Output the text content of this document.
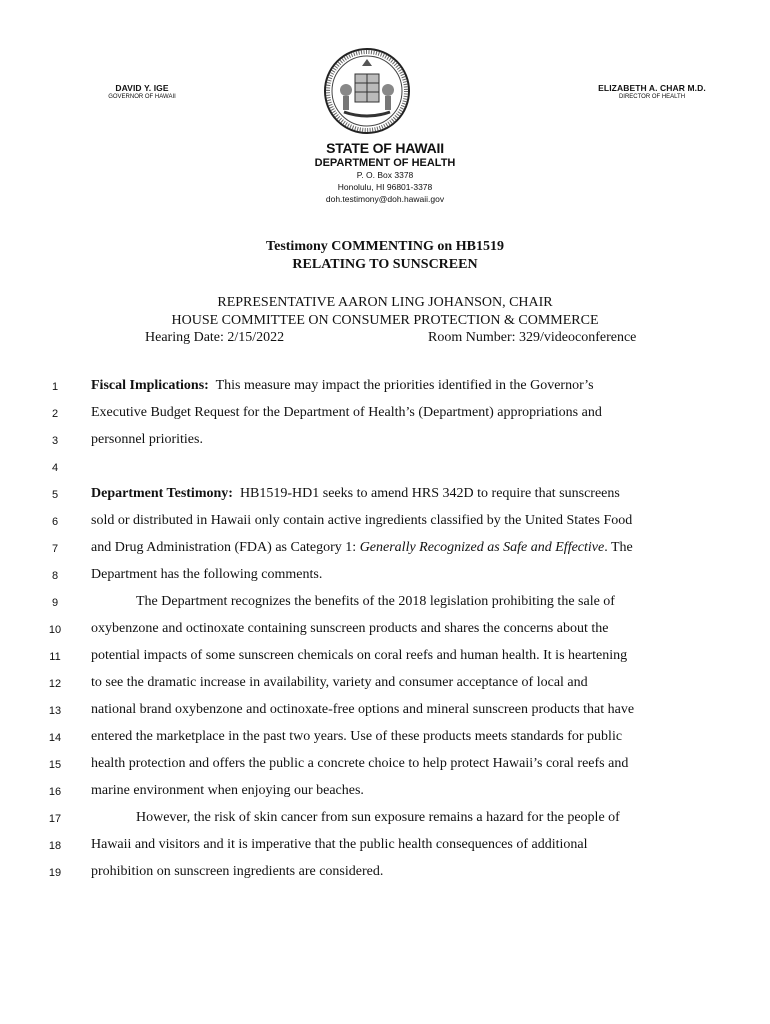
DAVID Y. IGE
GOVERNOR OF HAWAII
ELIZABETH A. CHAR M.D.
DIRECTOR OF HEALTH
STATE OF HAWAII
DEPARTMENT OF HEALTH
P. O. Box 3378
Honolulu, HI 96801-3378
doh.testimony@doh.hawaii.gov
Testimony COMMENTING on HB1519
RELATING TO SUNSCREEN
REPRESENTATIVE AARON LING JOHANSON, CHAIR
HOUSE COMMITTEE ON CONSUMER PROTECTION & COMMERCE
Hearing Date: 2/15/2022	Room Number: 329/videoconference
1	Fiscal Implications:  This measure may impact the priorities identified in the Governor’s
2	Executive Budget Request for the Department of Health’s (Department) appropriations and
3	personnel priorities.
4
5	Department Testimony:  HB1519-HD1 seeks to amend HRS 342D to require that sunscreens
6	sold or distributed in Hawaii only contain active ingredients classified by the United States Food
7	and Drug Administration (FDA) as Category 1: Generally Recognized as Safe and Effective. The
8	Department has the following comments.
9	The Department recognizes the benefits of the 2018 legislation prohibiting the sale of
10	oxybenzone and octinoxate containing sunscreen products and shares the concerns about the
11	potential impacts of some sunscreen chemicals on coral reefs and human health. It is heartening
12	to see the dramatic increase in availability, variety and consumer acceptance of local and
13	national brand oxybenzone and octinoxate-free options and mineral sunscreen products that have
14	entered the marketplace in the past two years. Use of these products meets standards for public
15	health protection and offers the public a concrete choice to help protect Hawaii’s coral reefs and
16	marine environment when enjoying our beaches.
17	However, the risk of skin cancer from sun exposure remains a hazard for the people of
18	Hawaii and visitors and it is imperative that the public health consequences of additional
19	prohibition on sunscreen ingredients are considered.
